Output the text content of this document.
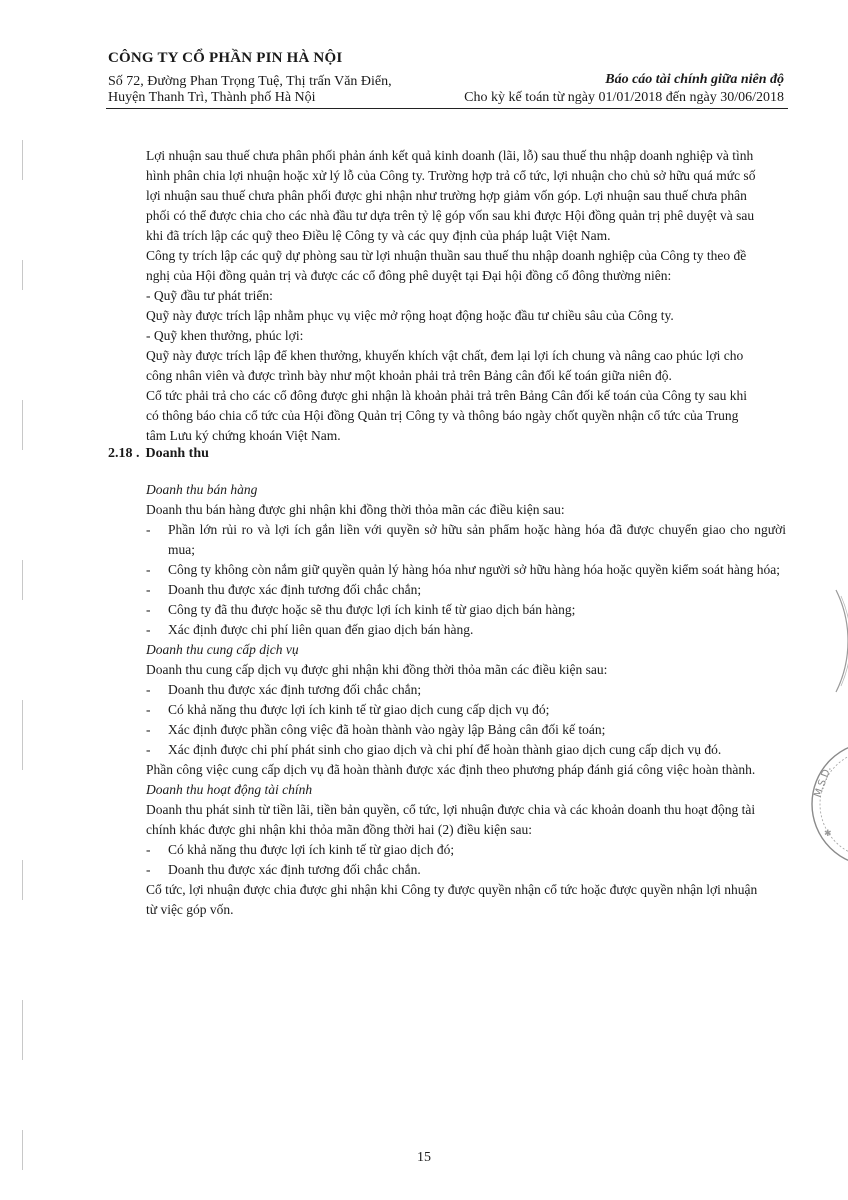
CÔNG TY CỔ PHẦN PIN HÀ NỘI
Số 72, Đường Phan Trọng Tuệ, Thị trấn Văn Điển,
Huyện Thanh Trì, Thành phố Hà Nội
Báo cáo tài chính giữa niên độ
Cho kỳ kế toán từ ngày 01/01/2018 đến ngày 30/06/2018

Lợi nhuận sau thuế chưa phân phối phản ánh kết quả kinh doanh (lãi, lỗ) sau thuế thu nhập doanh nghiệp và tình
hình phân chia lợi nhuận hoặc xử lý lỗ của Công ty. Trường hợp trả cổ tức, lợi nhuận cho chủ sở hữu quá mức số
lợi nhuận sau thuế chưa phân phối được ghi nhận như trường hợp giảm vốn góp. Lợi nhuận sau thuế chưa phân
phối có thể được chia cho các nhà đầu tư dựa trên tỷ lệ góp vốn sau khi được Hội đồng quản trị phê duyệt và sau
khi đã trích lập các quỹ theo Điều lệ Công ty và các quy định của pháp luật Việt Nam.

Công ty trích lập các quỹ dự phòng sau từ lợi nhuận thuần sau thuế thu nhập doanh nghiệp của Công ty theo đề
nghị của Hội đồng quản trị và được các cổ đông phê duyệt tại Đại hội đồng cổ đông thường niên:
- Quỹ đầu tư phát triển:
Quỹ này được trích lập nhằm phục vụ việc mở rộng hoạt động hoặc đầu tư chiều sâu của Công ty.
- Quỹ khen thưởng, phúc lợi:
Quỹ này được trích lập để khen thưởng, khuyến khích vật chất, đem lại lợi ích chung và nâng cao phúc lợi cho
công nhân viên và được trình bày như một khoản phải trả trên Bảng cân đối kế toán giữa niên độ.

Cổ tức phải trả cho các cổ đông được ghi nhận là khoản phải trả trên Bảng Cân đối kế toán của Công ty sau khi
có thông báo chia cổ tức của Hội đồng Quản trị Công ty và thông báo ngày chốt quyền nhận cổ tức của Trung
tâm Lưu ký chứng khoán Việt Nam.

2.18 . Doanh thu

Doanh thu bán hàng

Doanh thu bán hàng được ghi nhận khi đồng thời thỏa mãn các điều kiện sau:

- Phần lớn rủi ro và lợi ích gắn liền với quyền sở hữu sản phẩm hoặc hàng hóa đã được chuyển giao cho người mua;
- Công ty không còn nắm giữ quyền quản lý hàng hóa như người sở hữu hàng hóa hoặc quyền kiểm soát hàng hóa;
- Doanh thu được xác định tương đối chắc chắn;
- Công ty đã thu được hoặc sẽ thu được lợi ích kinh tế từ giao dịch bán hàng;
- Xác định được chi phí liên quan đến giao dịch bán hàng.

Doanh thu cung cấp dịch vụ

Doanh thu cung cấp dịch vụ được ghi nhận khi đồng thời thỏa mãn các điều kiện sau:

- Doanh thu được xác định tương đối chắc chắn;
- Có khả năng thu được lợi ích kinh tế từ giao dịch cung cấp dịch vụ đó;
- Xác định được phần công việc đã hoàn thành vào ngày lập Bảng cân đối kế toán;
- Xác định được chi phí phát sinh cho giao dịch và chi phí để hoàn thành giao dịch cung cấp dịch vụ đó.

Phần công việc cung cấp dịch vụ đã hoàn thành được xác định theo phương pháp đánh giá công việc hoàn thành.

Doanh thu hoạt động tài chính

Doanh thu phát sinh từ tiền lãi, tiền bản quyền, cổ tức, lợi nhuận được chia và các khoản doanh thu hoạt động tài
chính khác được ghi nhận khi thỏa mãn đồng thời hai (2) điều kiện sau:

- Có khả năng thu được lợi ích kinh tế từ giao dịch đó;
- Doanh thu được xác định tương đối chắc chắn.

Cổ tức, lợi nhuận được chia được ghi nhận khi Công ty được quyền nhận cổ tức hoặc được quyền nhận lợi nhuận
từ việc góp vốn.

M.S.D.
✱
15
